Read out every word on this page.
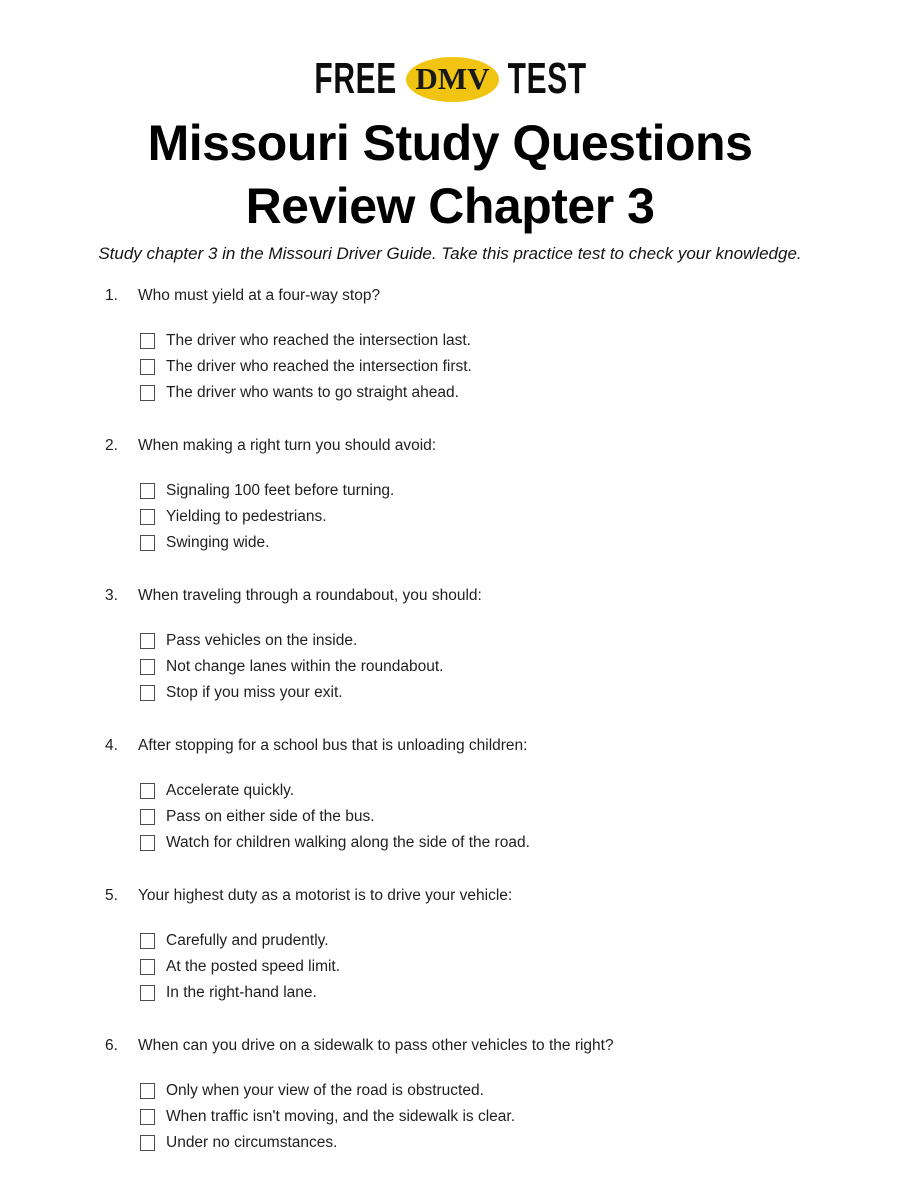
FREE DMV TEST
Missouri Study Questions
Review Chapter 3

Study chapter 3 in the Missouri Driver Guide. Take this practice test to check your knowledge.

1.	Who must yield at a four-way stop?
The driver who reached the intersection last.
The driver who reached the intersection first.
The driver who wants to go straight ahead.
2.	When making a right turn you should avoid:
Signaling 100 feet before turning.
Yielding to pedestrians.
Swinging wide.
3.	When traveling through a roundabout, you should:
Pass vehicles on the inside.
Not change lanes within the roundabout.
Stop if you miss your exit.
4.	After stopping for a school bus that is unloading children:
Accelerate quickly.
Pass on either side of the bus.
Watch for children walking along the side of the road.
5.	Your highest duty as a motorist is to drive your vehicle:
Carefully and prudently.
At the posted speed limit.
In the right-hand lane.
6.	When can you drive on a sidewalk to pass other vehicles to the right?
Only when your view of the road is obstructed.
When traffic isn't moving, and the sidewalk is clear.
Under no circumstances.
